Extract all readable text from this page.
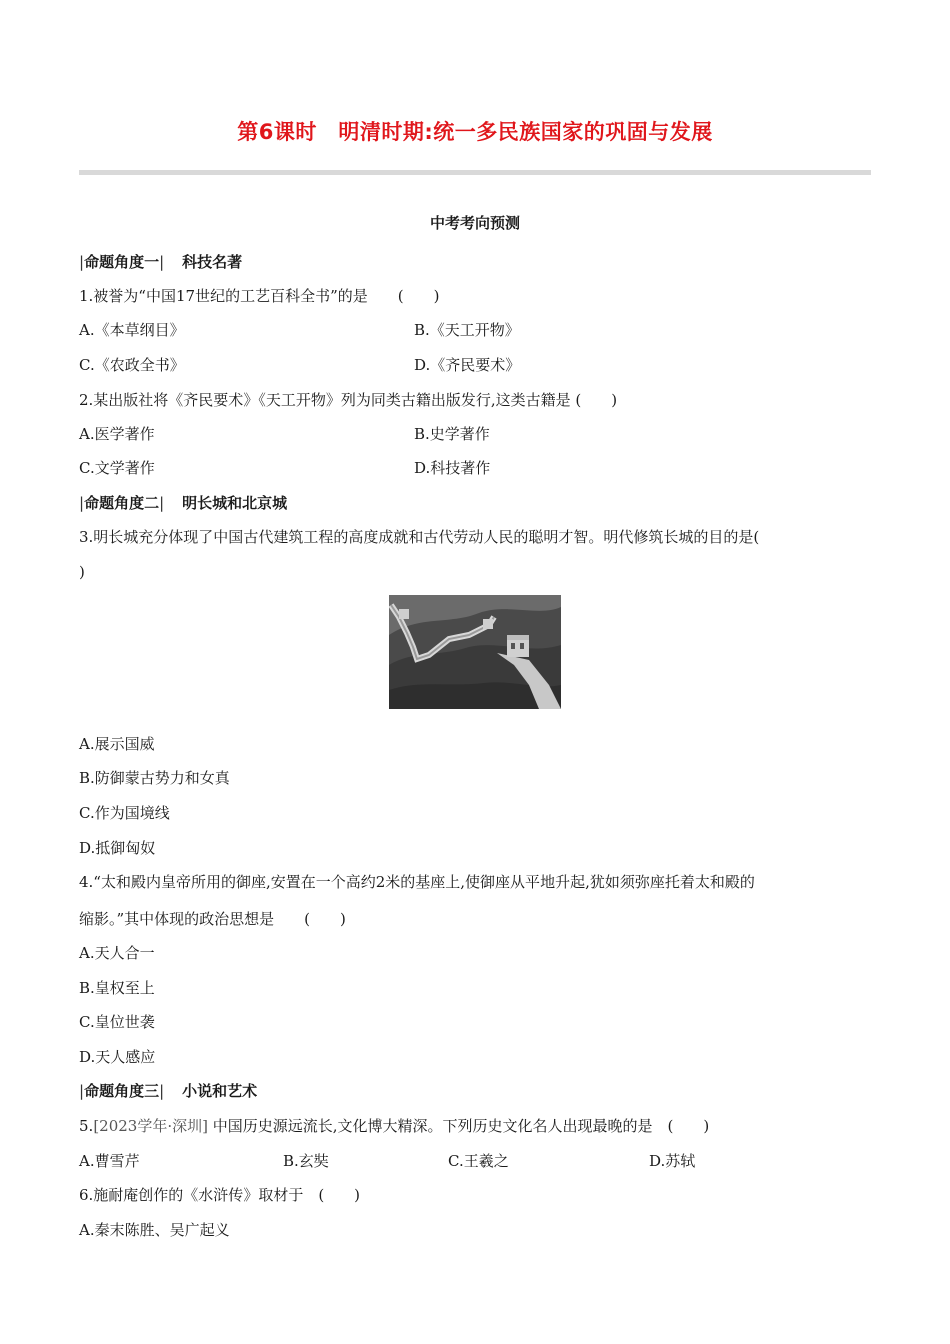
第6课时　明清时期:统一多民族国家的巩固与发展
中考考向预测
|命题角度一| 科技名著
1.被誉为“中国17世纪的工艺百科全书”的是　　(　　)
A.《本草纲目》	B.《天工开物》
C.《农政全书》	D.《齐民要术》
2.某出版社将《齐民要术》《天工开物》列为同类古籍出版发行,这类古籍是 (　　)
A.医学著作	B.史学著作
C.文学著作	D.科技著作
|命题角度二| 明长城和北京城
3.明长城充分体现了中国古代建筑工程的高度成就和古代劳动人民的聪明才智。明代修筑长城的目的是(
)
A.展示国威
B.防御蒙古势力和女真
C.作为国境线
D.抵御匈奴
4.“太和殿内皇帝所用的御座,安置在一个高约2米的基座上,使御座从平地升起,犹如须弥座托着太和殿的
缩影。”其中体现的政治思想是　　(　　)
A.天人合一
B.皇权至上
C.皇位世袭
D.天人感应
|命题角度三| 小说和艺术
5.[2023学年·深圳] 中国历史源远流长,文化博大精深。下列历史文化名人出现最晚的是　(　　)
A.曹雪芹	B.玄奘	C.王羲之	D.苏轼
6.施耐庵创作的《水浒传》取材于　(　　)
A.秦末陈胜、吴广起义
